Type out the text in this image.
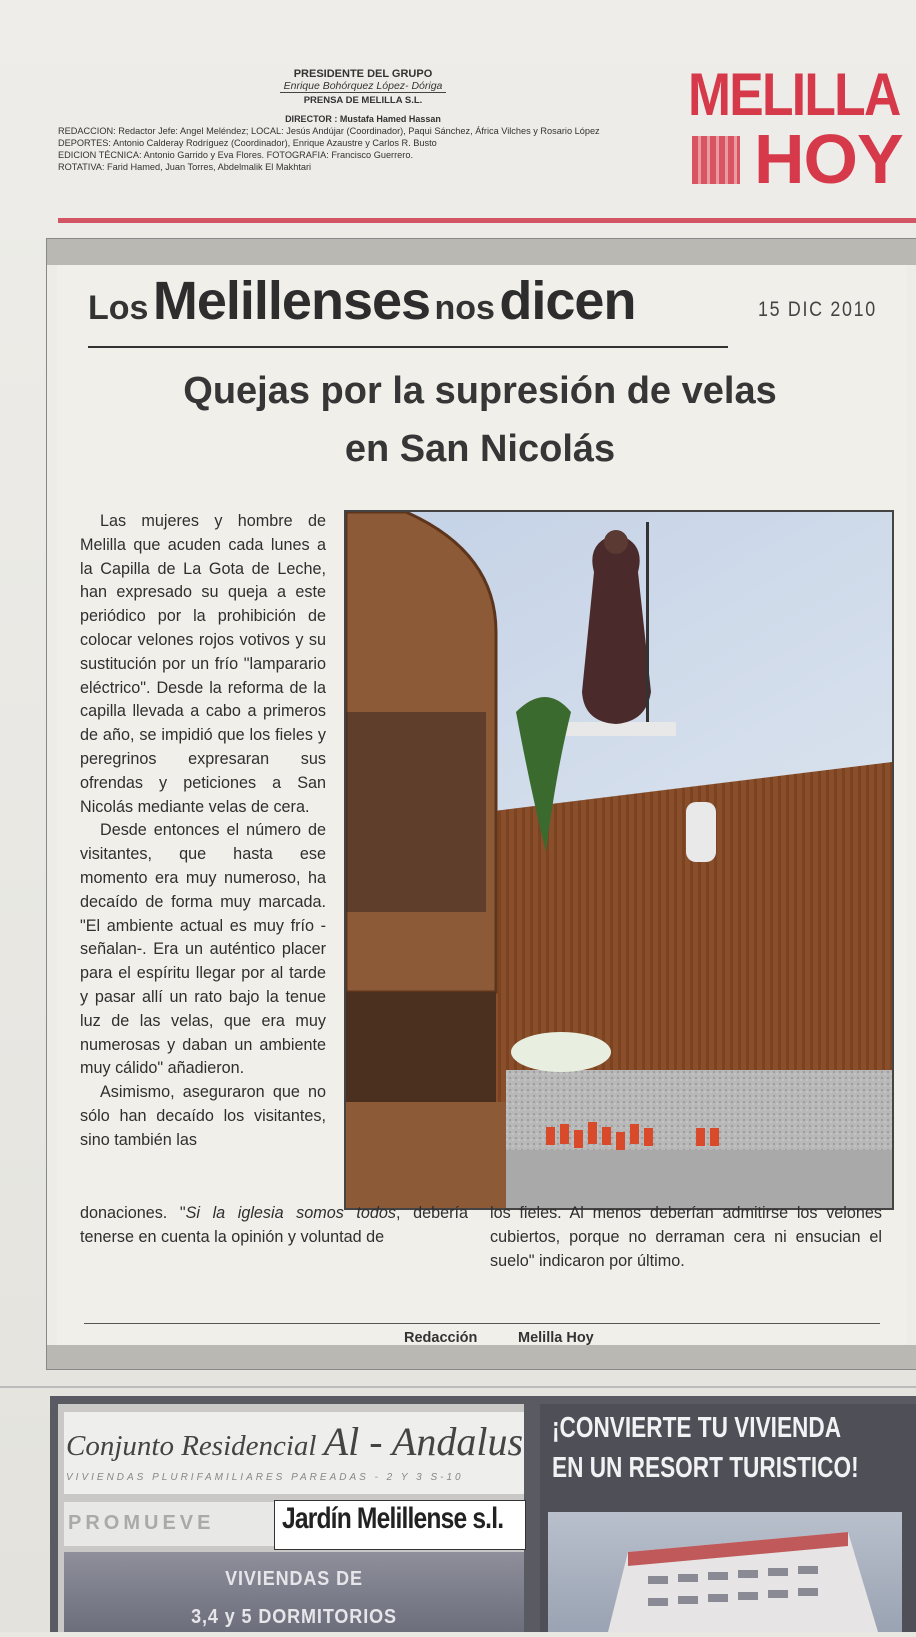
PRESIDENTE DEL GRUPO
Enrique Bohórquez López- Dóriga
PRENSA DE MELILLA S.L.
DIRECTOR : Mustafa Hamed Hassan
REDACCION: Redactor Jefe: Angel Meléndez; LOCAL: Jesús Andújar (Coordinador), Paqui Sánchez, África Vilches y Rosario López
DEPORTES: Antonio Calderay Rodríguez (Coordinador), Enrique Azaustre y Carlos R. Busto
EDICION TÉCNICA: Antonio Garrido y Eva Flores. FOTOGRAFIA: Francisco Guerrero.
ROTATIVA: Farid Hamed, Juan Torres, Abdelmalik El Makhtari
MELILLA
HOY
Los Melillenses nos dicen	15 DIC 2010
Quejas por la supresión de velas
en San Nicolás

Las mujeres y hombre de Melilla que acuden cada lunes a la Capilla de La Gota de Leche, han expresado su queja a este periódico por la prohibición de colocar velones rojos votivos y su sustitución por un frío "lamparario eléctrico". Desde la reforma de la capilla llevada a cabo a primeros de año, se impidió que los fieles y peregrinos expresaran sus ofrendas y peticiones a San Nicolás mediante velas de cera.

Desde entonces el número de visitantes, que hasta ese momento era muy numeroso, ha decaído de forma muy marcada. "El ambiente actual es muy frío -señalan-. Era un auténtico placer para el espíritu llegar por al tarde y pasar allí un rato bajo la tenue luz de las velas, que era muy numerosas y daban un ambiente muy cálido" añadieron.

Asimismo, aseguraron que no sólo han decaído los visitantes, sino también las

donaciones. "Si la iglesia somos todos, debería tenerse en cuenta la opinión y voluntad de
los fieles. Al menos deberían admitirse los velones cubiertos, porque no derraman cera ni ensucian el suelo" indicaron por último.
Redacción	Melilla Hoy
Conjunto Residencial Al - Andalus
VIVIENDAS PLURIFAMILIARES PAREADAS - 2 Y 3 S-10
PROMUEVE Jardín Melillense s.l.
VIVIENDAS DE
3,4 y 5 DORMITORIOS
¡CONVIERTE TU VIVIENDA
EN UN RESORT TURISTICO!
